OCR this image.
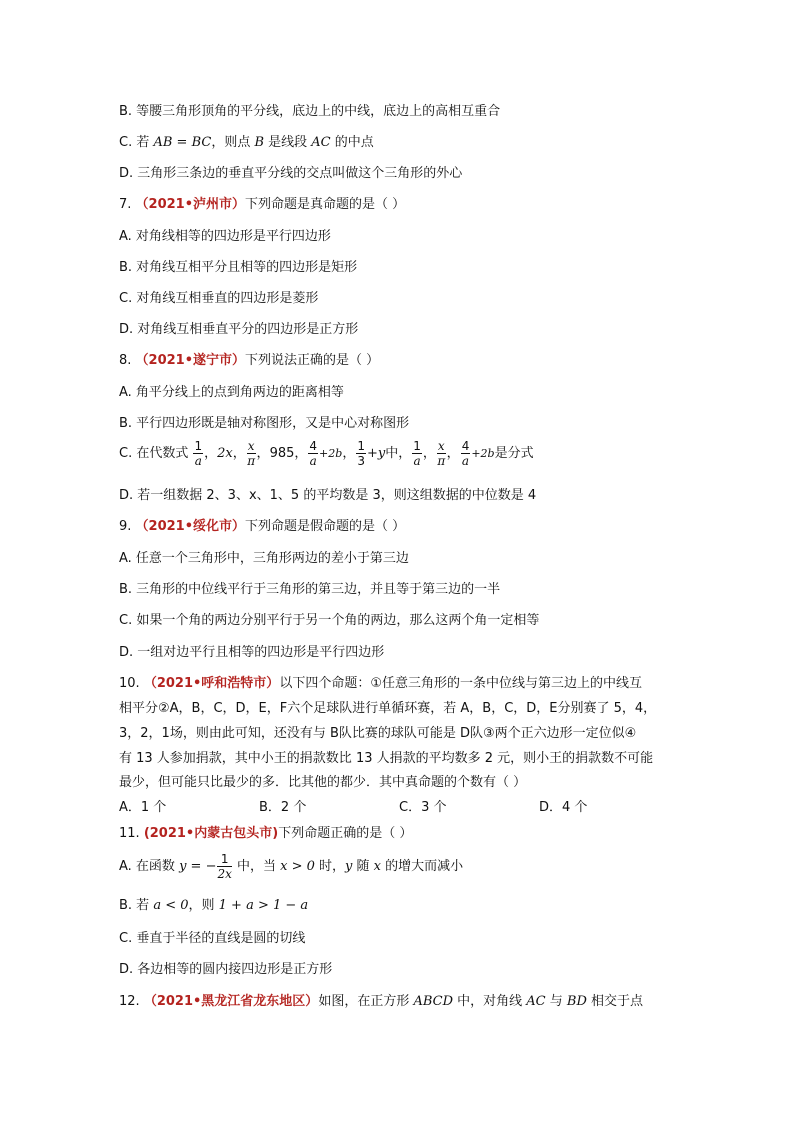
B. 等腰三角形顶角的平分线，底边上的中线，底边上的高相互重合
C. 若 AB = BC，则点 B 是线段 AC 的中点
D. 三角形三条边的垂直平分线的交点叫做这个三角形的外心
7. （2021•泸州市）下列命题是真命题的是（ ）
A. 对角线相等的四边形是平行四边形
B. 对角线互相平分且相等的四边形是矩形
C. 对角线互相垂直的四边形是菱形
D. 对角线互相垂直平分的四边形是正方形
8. （2021•遂宁市）下列说法正确的是（ ）
A. 角平分线上的点到角两边的距离相等
B. 平行四边形既是轴对称图形，又是中心对称图形
C. 在代数式 $\frac{1}{a}$ ，2x， $\frac{x}{\pi}$ ，985， $\frac{4}{a} +2b$， $\frac{1}{3} +y$中， $\frac{1}{a}$ ， $\frac{x}{\pi}$ ， $\frac{4}{a} +2b$是分式
D. 若一组数据 2、3、x、1、5 的平均数是 3，则这组数据的中位数是 4
9. （2021•绥化市）下列命题是假命题的是（ ）
A. 任意一个三角形中，三角形两边的差小于第三边
B. 三角形的中位线平行于三角形的第三边，并且等于第三边的一半
C. 如果一个角的两边分别平行于另一个角的两边，那么这两个角一定相等
D. 一组对边平行且相等的四边形是平行四边形
10. （2021•呼和浩特市）以下四个命题：①任意三角形的一条中位线与第三边上的中线互
相平分②A，B，C，D，E，F六个足球队进行单循环赛，若 A，B，C，D，E分别赛了 5，4，
3，2，1场，则由此可知，还没有与 B队比赛的球队可能是 D队③两个正六边形一定位似④
有 13 人参加捐款，其中小王的捐款数比 13 人捐款的平均数多 2 元，则小王的捐款数不可能
最少，但可能只比最少的多．比其他的都少．其中真命题的个数有（ ）
A．1 个	B．2 个	C．3 个	D．4 个
11. (2021•内蒙古包头市)下列命题正确的是（ ）
A. 在函数 y = − $\frac{1}{2x}$ 中，当 x > 0 时，y 随 x 的增大而减小
B. 若 a < 0，则 1 + a > 1 − a
C. 垂直于半径的直线是圆的切线
D. 各边相等的圆内接四边形是正方形
12. （2021•黑龙江省龙东地区）如图，在正方形 ABCD 中，对角线 AC 与 BD 相交于点
